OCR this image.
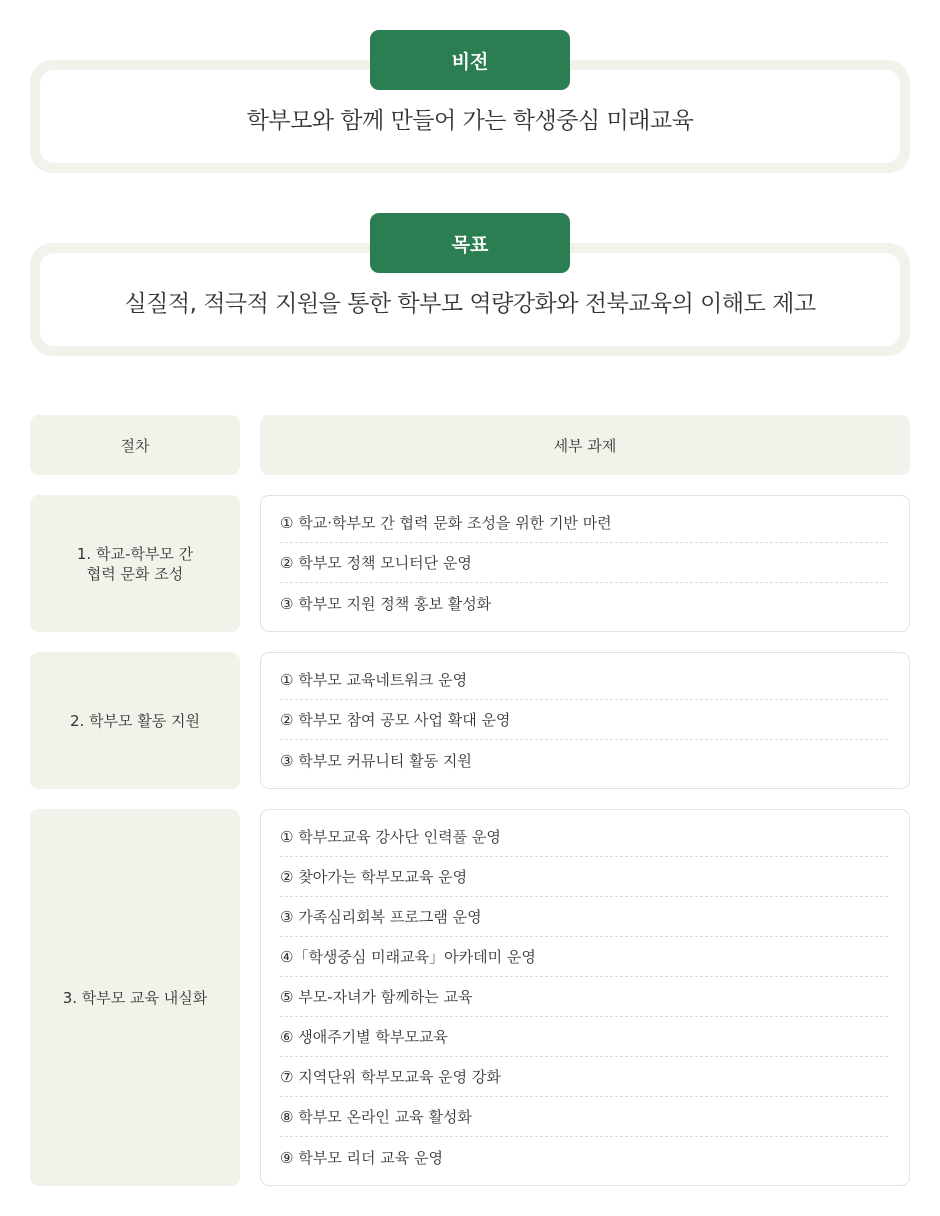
학부모와 함께 만들어 가는 학생중심 미래교육
비전
실질적, 적극적 지원을 통한 학부모 역량강화와 전북교육의 이해도 제고
목표
절차	세부 과제
1. 학교-학부모 간
협력 문화 조성
① 학교·학부모 간 협력 문화 조성을 위한 기반 마련
② 학부모 정책 모니터단 운영
③ 학부모 지원 정책 홍보 활성화
2. 학부모 활동 지원
① 학부모 교육네트워크 운영
② 학부모 참여 공모 사업 확대 운영
③ 학부모 커뮤니티 활동 지원
3. 학부모 교육 내실화
① 학부모교육 강사단 인력풀 운영
② 찾아가는 학부모교육 운영
③ 가족심리회복 프로그램 운영
④「학생중심 미래교육」아카데미 운영
⑤ 부모-자녀가 함께하는 교육
⑥ 생애주기별 학부모교육
⑦ 지역단위 학부모교육 운영 강화
⑧ 학부모 온라인 교육 활성화
⑨ 학부모 리더 교육 운영
